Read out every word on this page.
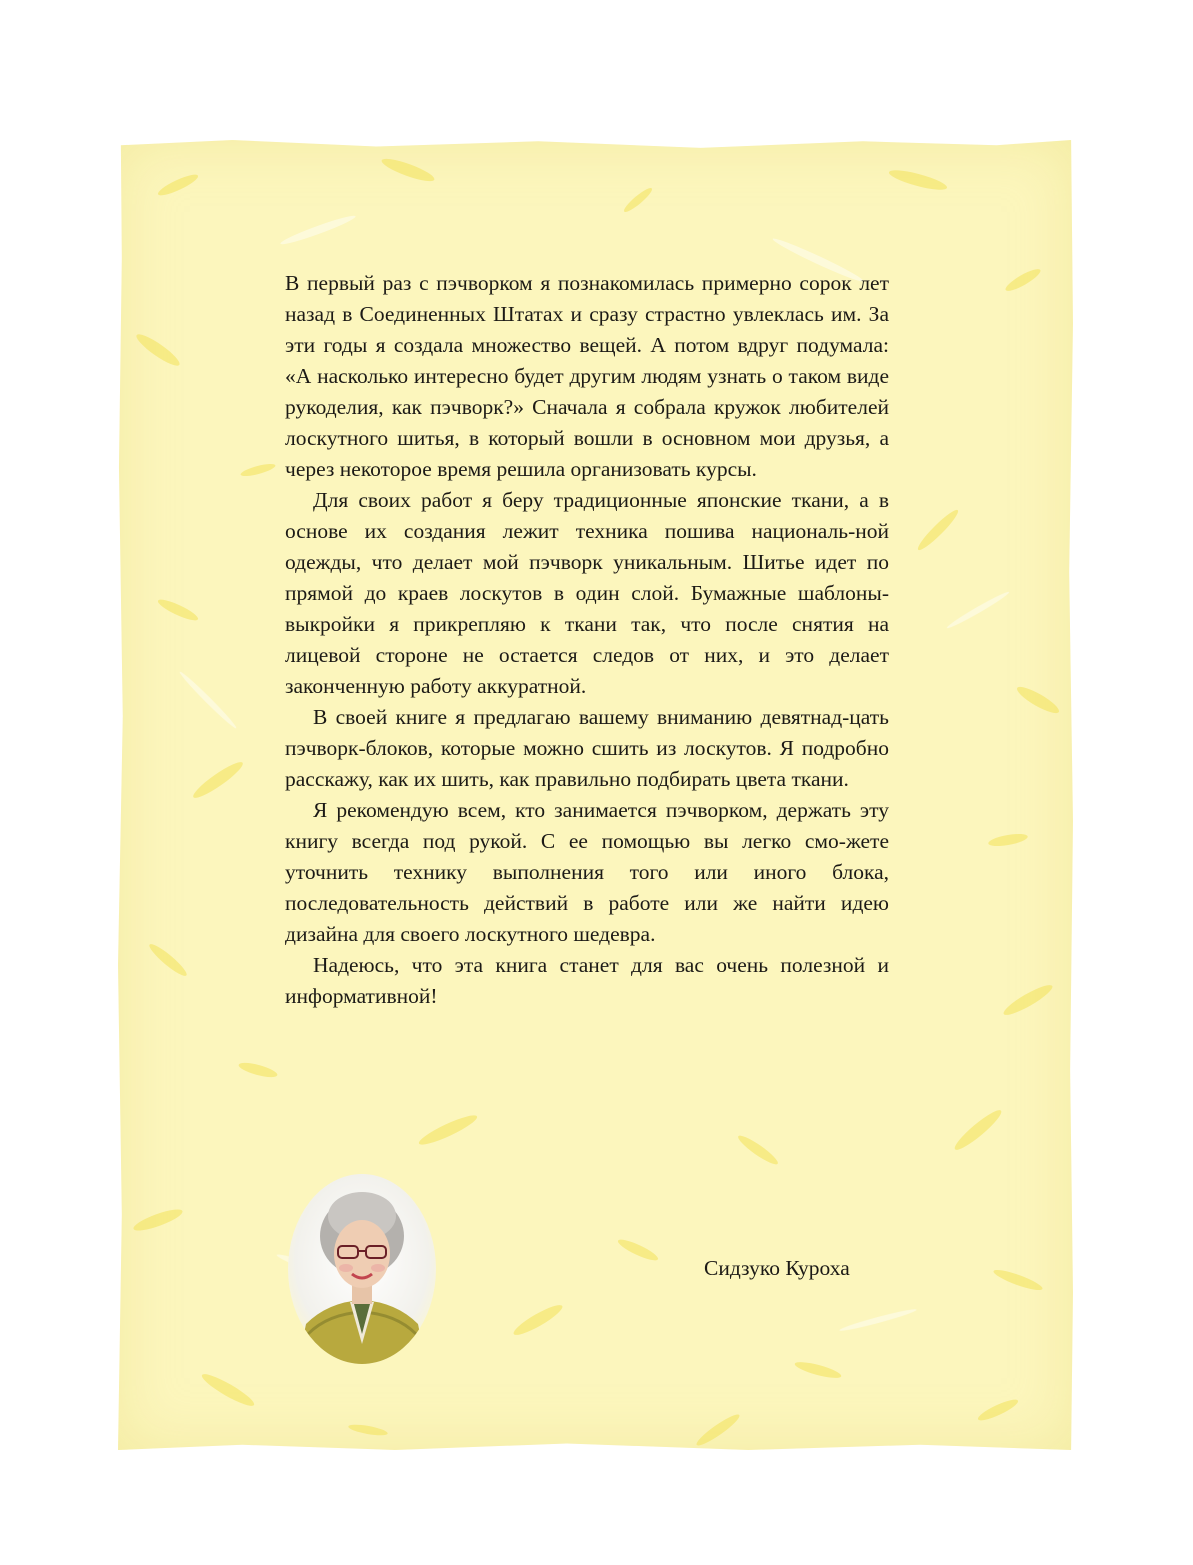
В первый раз с пэчворком я познакомилась примерно сорок лет назад в Соединенных Штатах и сразу страстно увлеклась им. За эти годы я создала множество вещей. А потом вдруг подумала: «А насколько интересно будет другим людям узнать о таком виде рукоделия, как пэчворк?» Сначала я собрала кружок любителей лоскутного шитья, в который вошли в основном мои друзья, а через некоторое время решила организовать курсы.

Для своих работ я беру традиционные японские ткани, а в основе их создания лежит техника пошива националь-ной одежды, что делает мой пэчворк уникальным. Шитье идет по прямой до краев лоскутов в один слой. Бумажные шаблоны-выкройки я прикрепляю к ткани так, что после снятия на лицевой стороне не остается следов от них, и это делает законченную работу аккуратной.

В своей книге я предлагаю вашему вниманию девятнад-цать пэчворк-блоков, которые можно сшить из лоскутов. Я подробно расскажу, как их шить, как правильно подбирать цвета ткани.

Я рекомендую всем, кто занимается пэчворком, держать эту книгу всегда под рукой. С ее помощью вы легко смо-жете уточнить технику выполнения того или иного блока, последовательность действий в работе или же найти идею дизайна для своего лоскутного шедевра.

Надеюсь, что эта книга станет для вас очень полезной и информативной!

Сидзуко Куроха
